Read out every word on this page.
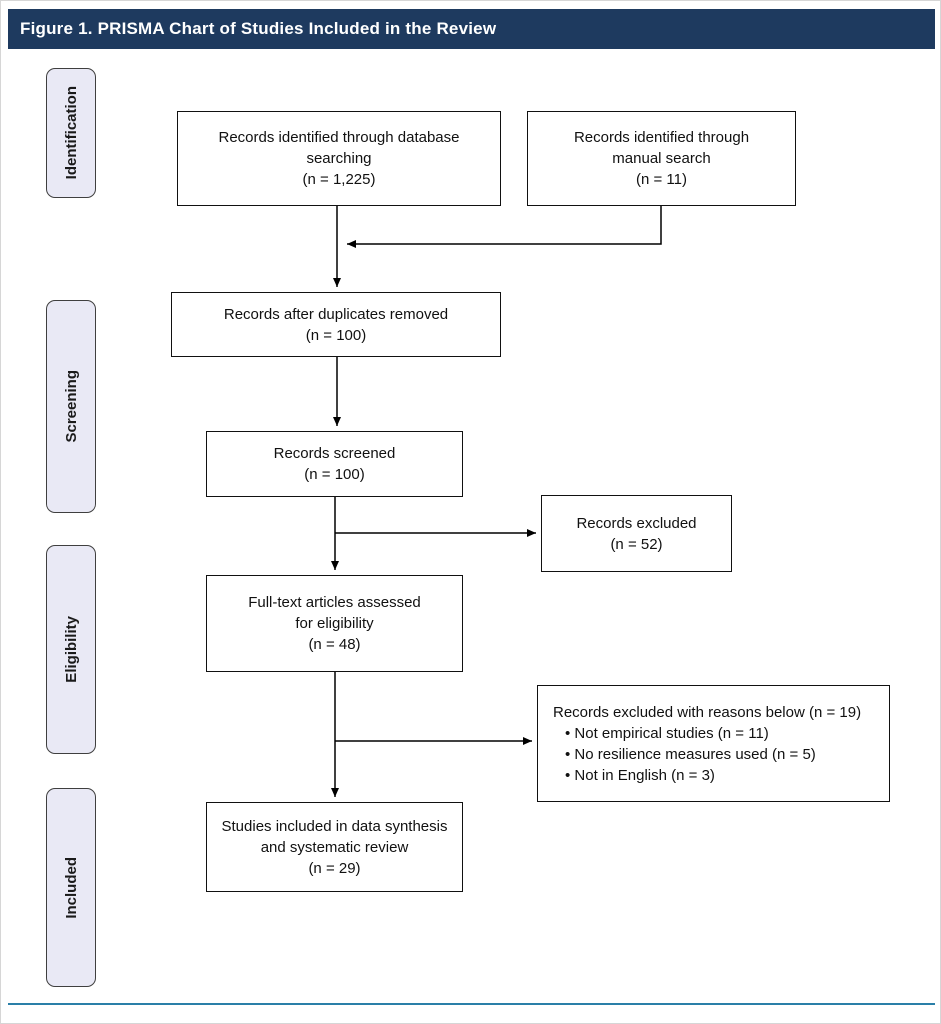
Figure 1. PRISMA Chart of Studies Included in the Review
Identification
Screening
Eligibility
Included
Records identified through database
searching
(n = 1,225)
Records identified through
manual search
(n = 11)
Records after duplicates removed
(n = 100)
Records screened
(n = 100)
Records excluded
(n = 52)
Full-text articles assessed
for eligibility
(n = 48)
Records excluded with reasons below (n = 19)
• Not empirical studies (n = 11)
• No resilience measures used (n = 5)
• Not in English (n = 3)
Studies included in data synthesis
and systematic review
(n = 29)
